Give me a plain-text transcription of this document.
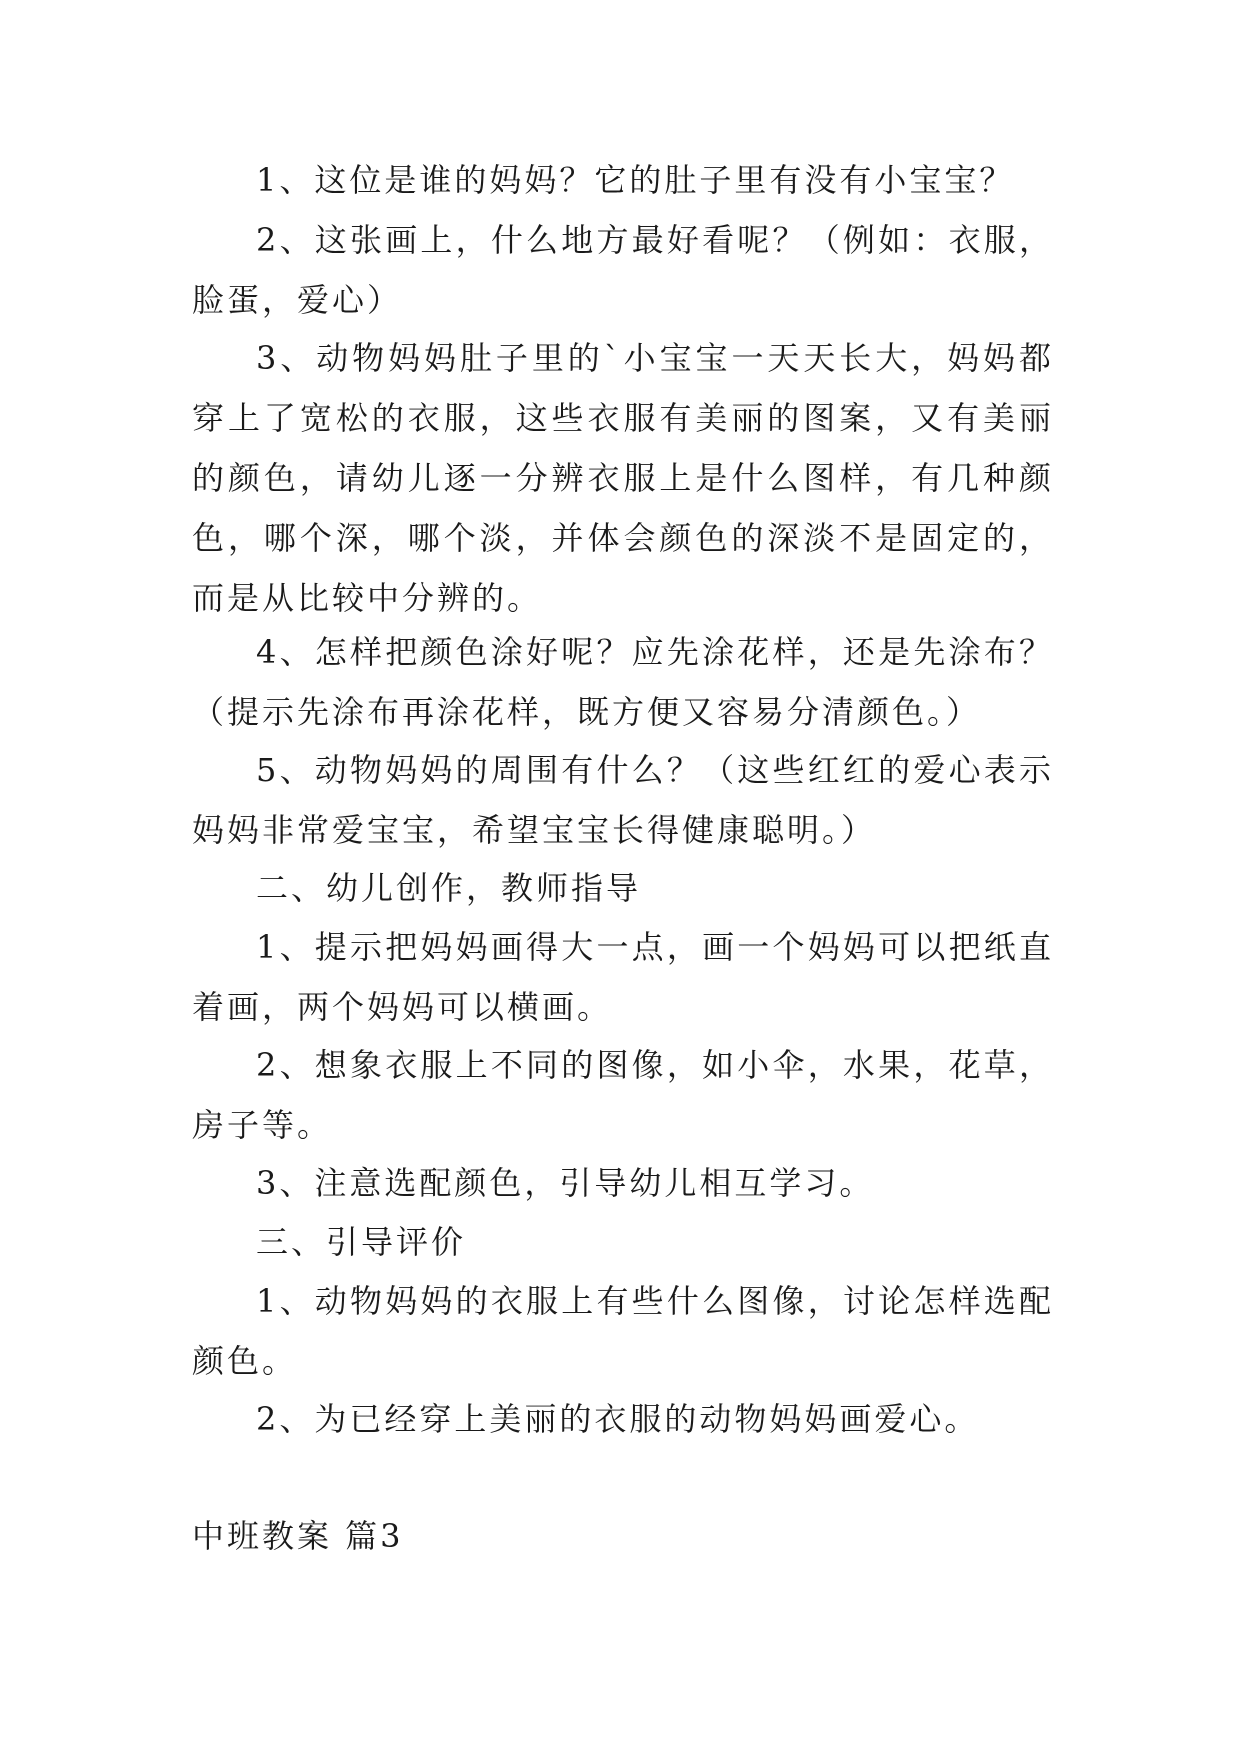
1、这位是谁的妈妈？它的肚子里有没有小宝宝？

2、这张画上，什么地方最好看呢？（例如：衣服，脸蛋，爱心）

3、动物妈妈肚子里的`小宝宝一天天长大，妈妈都穿上了宽松的衣服，这些衣服有美丽的图案，又有美丽的颜色，请幼儿逐一分辨衣服上是什么图样，有几种颜色，哪个深，哪个淡，并体会颜色的深淡不是固定的，而是从比较中分辨的。

4、怎样把颜色涂好呢？应先涂花样，还是先涂布？（提示先涂布再涂花样，既方便又容易分清颜色。）

5、动物妈妈的周围有什么？（这些红红的爱心表示妈妈非常爱宝宝，希望宝宝长得健康聪明。）

二、幼儿创作，教师指导

1、提示把妈妈画得大一点，画一个妈妈可以把纸直着画，两个妈妈可以横画。

2、想象衣服上不同的图像，如小伞，水果，花草，房子等。

3、注意选配颜色，引导幼儿相互学习。

三、引导评价

1、动物妈妈的衣服上有些什么图像，讨论怎样选配颜色。

2、为已经穿上美丽的衣服的动物妈妈画爱心。

中班教案 篇3
